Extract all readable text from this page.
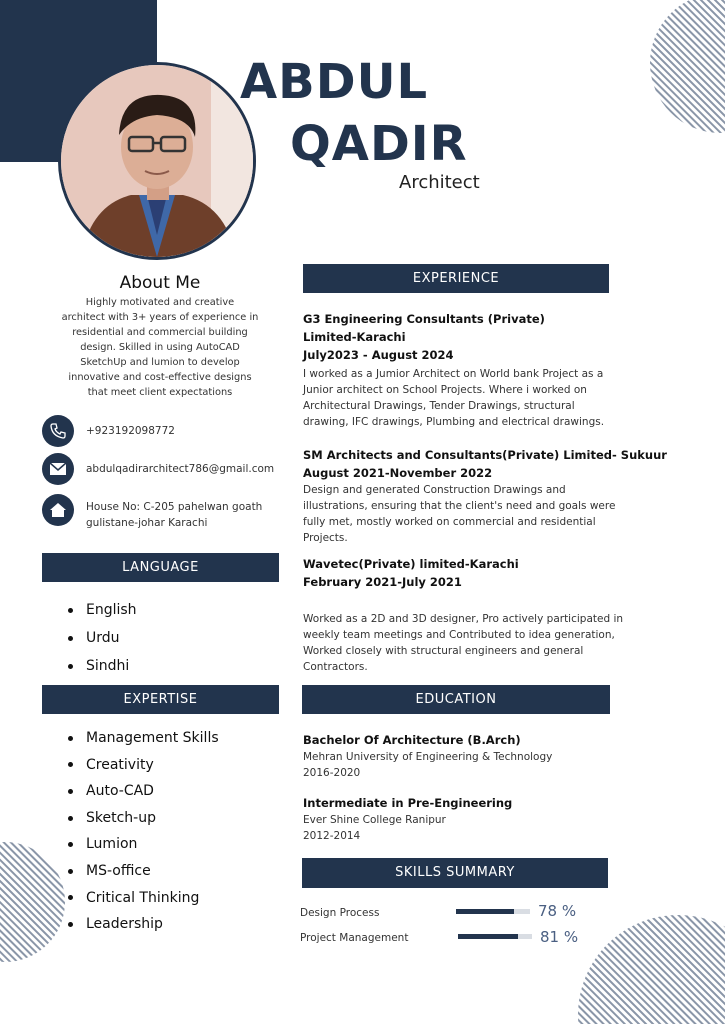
ABDUL
QADIR
Architect
About Me
Highly motivated and creative
architect with 3+ years of experience in
residential and commercial building
design. Skilled in using AutoCAD
SketchUp and lumion to develop
innovative and cost-effective designs
that meet client expectations
+923192098772
abdulqadirarchitect786@gmail.com
House No: C-205 pahelwan goath
gulistane-johar Karachi
LANGUAGE
English
Urdu
Sindhi
EXPERTISE
Management Skills
Creativity
Auto-CAD
Sketch-up
Lumion
MS-office
Critical Thinking
Leadership
EXPERIENCE
G3 Engineering Consultants (Private)
Limited-Karachi
July2023 - August 2024
I worked as a Jumior Architect on World bank Project as a
Junior architect on School Projects. Where i worked on
Architectural Drawings, Tender Drawings, structural
drawing, IFC drawings, Plumbing and electrical drawings.
SM Architects and Consultants(Private) Limited- Sukuur
August 2021-November 2022
Design and generated Construction Drawings and
illustrations, ensuring that the client's need and goals were
fully met, mostly worked on commercial and residential
Projects.
Wavetec(Private) limited-Karachi
February 2021-July 2021
Worked as a 2D and 3D designer, Pro actively participated in
weekly team meetings and Contributed to idea generation,
Worked closely with structural engineers and general
Contractors.
EDUCATION
Bachelor Of Architecture (B.Arch)
Mehran University of Engineering & Technology
2016-2020
Intermediate in Pre-Engineering
Ever Shine College Ranipur
2012-2014
SKILLS SUMMARY
Design Process	78 %
Project Management	81 %
